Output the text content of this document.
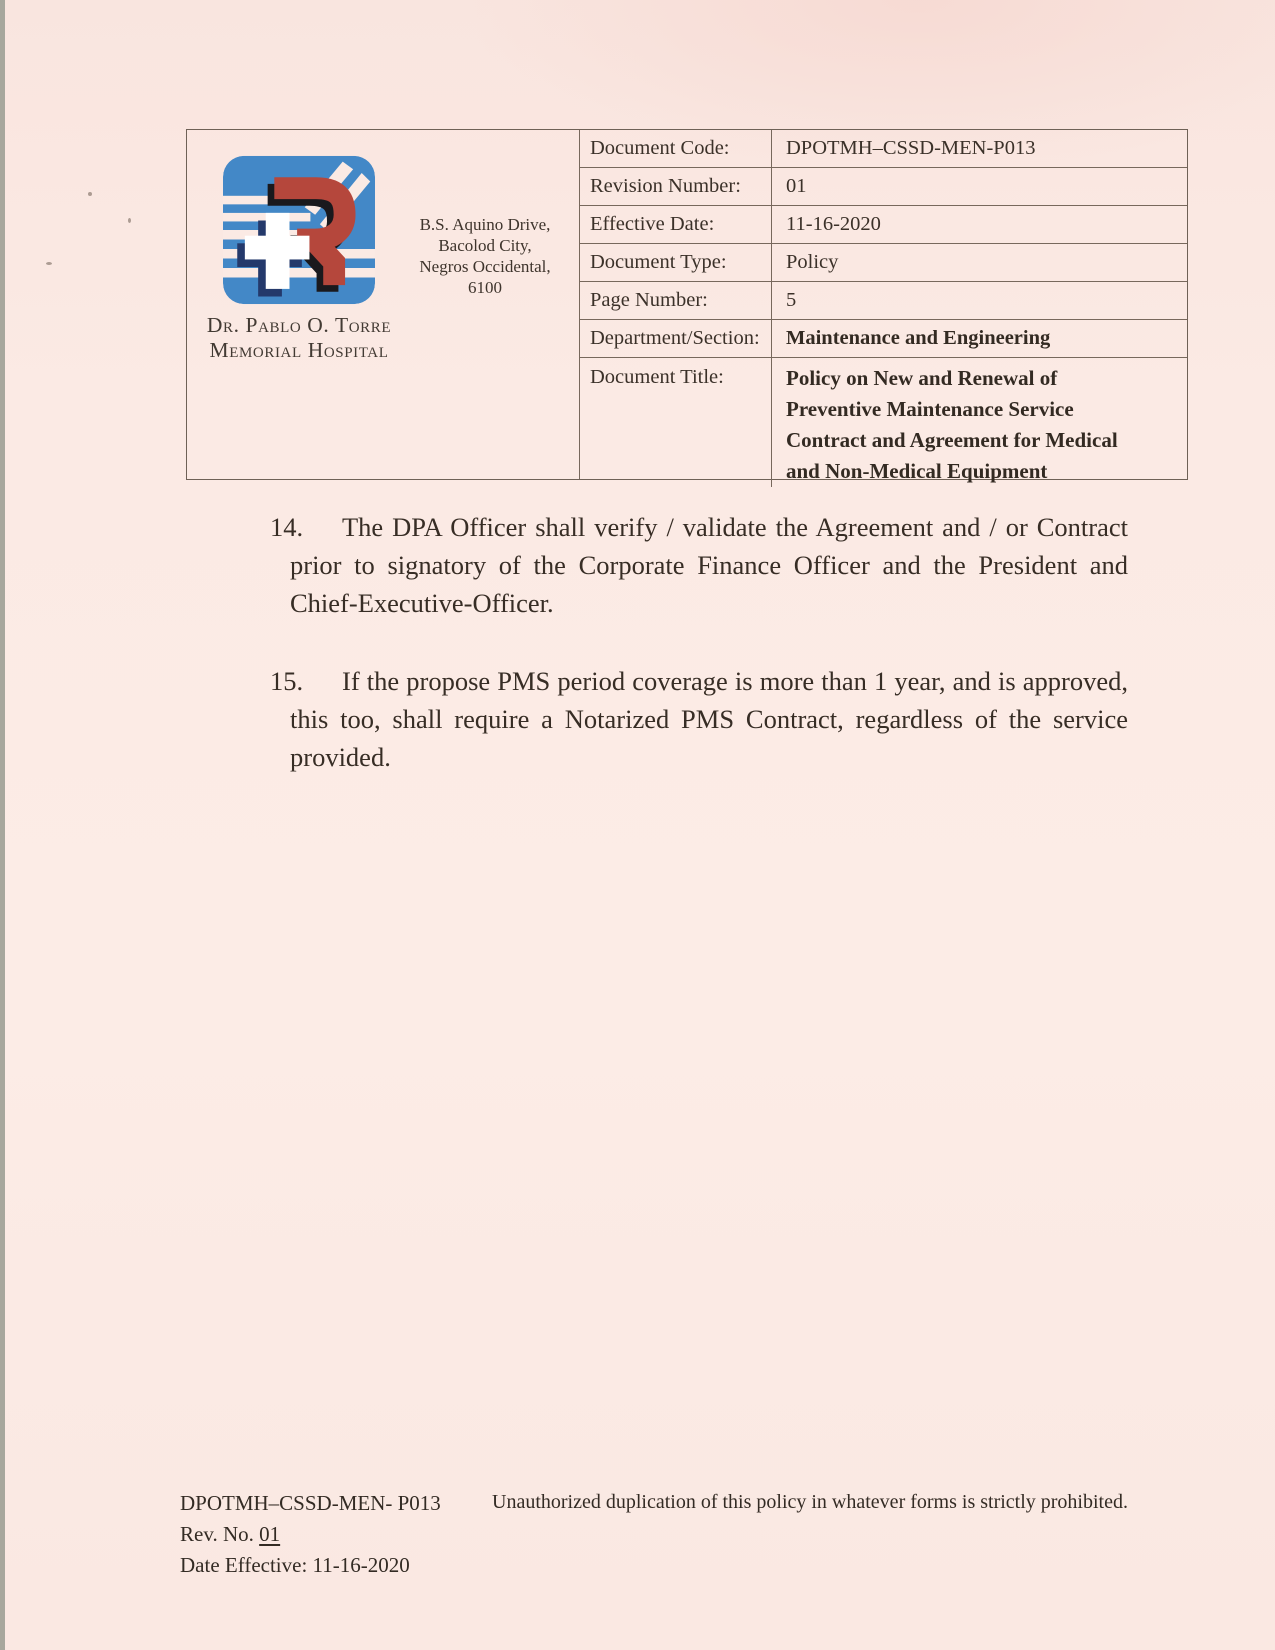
Dr. Pablo O. Torre
Memorial Hospital
B.S. Aquino Drive,
Bacolod City,
Negros Occidental,
6100
Document Code:	DPOTMH–CSSD-MEN-P013
Revision Number:	01
Effective Date:	11-16-2020
Document Type:	Policy
Page Number:	5
Department/Section:	Maintenance and Engineering
Document Title:	Policy on New and Renewal of Preventive Maintenance Service Contract and Agreement for Medical and Non-Medical Equipment
14.	The DPA Officer shall verify / validate the Agreement and / or Contract prior to signatory of the Corporate Finance Officer and the President and Chief-Executive-Officer.
15.	If the propose PMS period coverage is more than 1 year, and is approved, this too, shall require a Notarized PMS Contract, regardless of the service provided.
DPOTMH–CSSD-MEN- P013
Rev. No. 01
Date Effective: 11-16-2020
Unauthorized duplication of this policy in whatever forms is strictly prohibited.
